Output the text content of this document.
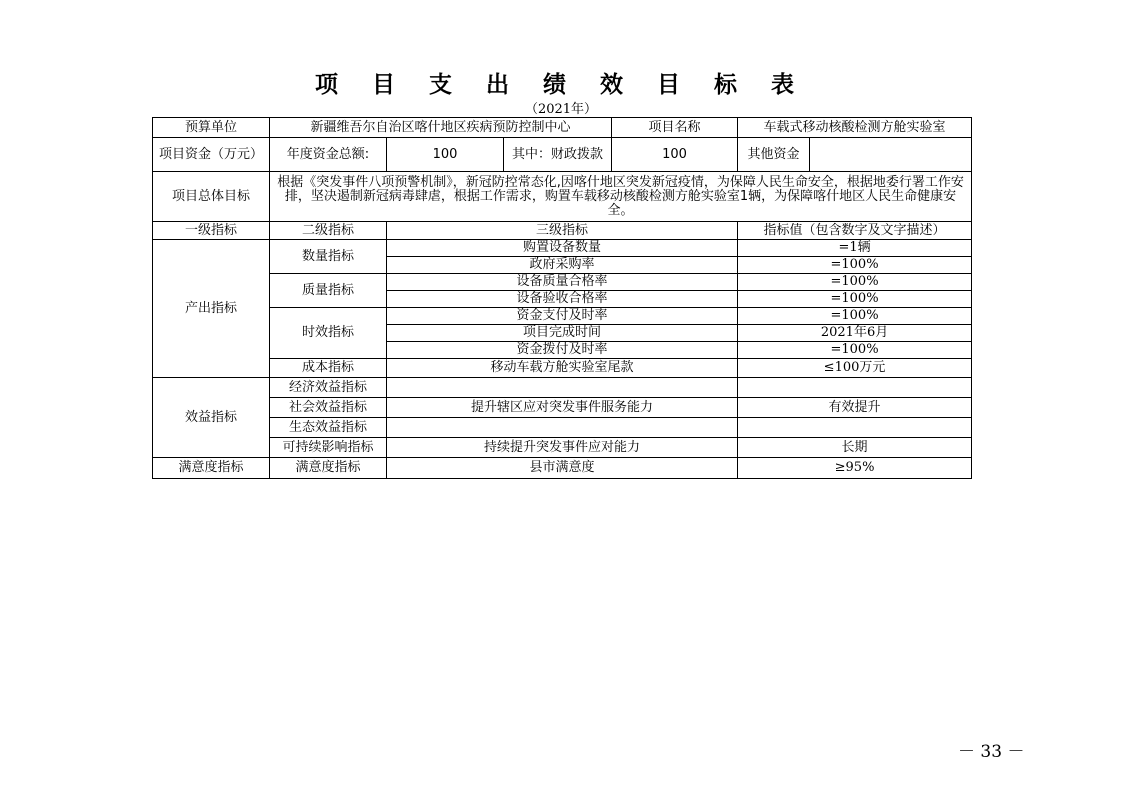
项 目 支 出 绩 效 目 标 表
（2021年）
预算单位	新疆维吾尔自治区喀什地区疾病预防控制中心			项目名称	车载式移动核酸检测方舱实验室	
项目资金（万元）	年度资金总额:	100	其中：财政拨款	100	其他资金	
项目总体目标	根据《突发事件八项预警机制》，新冠防控常态化,因喀什地区突发新冠疫情，为保障人民生命安全，根据地委行署工作安排，坚决遏制新冠病毒肆虐，根据工作需求，购置车载移动核酸检测方舱实验室1辆，为保障喀什地区人民生命健康安全。					
一级指标	二级指标	三级指标			指标值（包含数字及文字描述）	
产出指标	数量指标	购置设备数量			=1辆	
		政府采购率			=100%	
	质量指标	设备质量合格率			=100%	
		设备验收合格率			=100%	
	时效指标	资金支付及时率			=100%	
		项目完成时间			2021年6月	
		资金拨付及时率			=100%	
	成本指标	移动车载方舱实验室尾款			≤100万元	
效益指标	经济效益指标					
	社会效益指标	提升辖区应对突发事件服务能力			有效提升	
	生态效益指标					
	可持续影响指标	持续提升突发事件应对能力			长期	
满意度指标	满意度指标	县市满意度			≥95%	
－ 33 －
